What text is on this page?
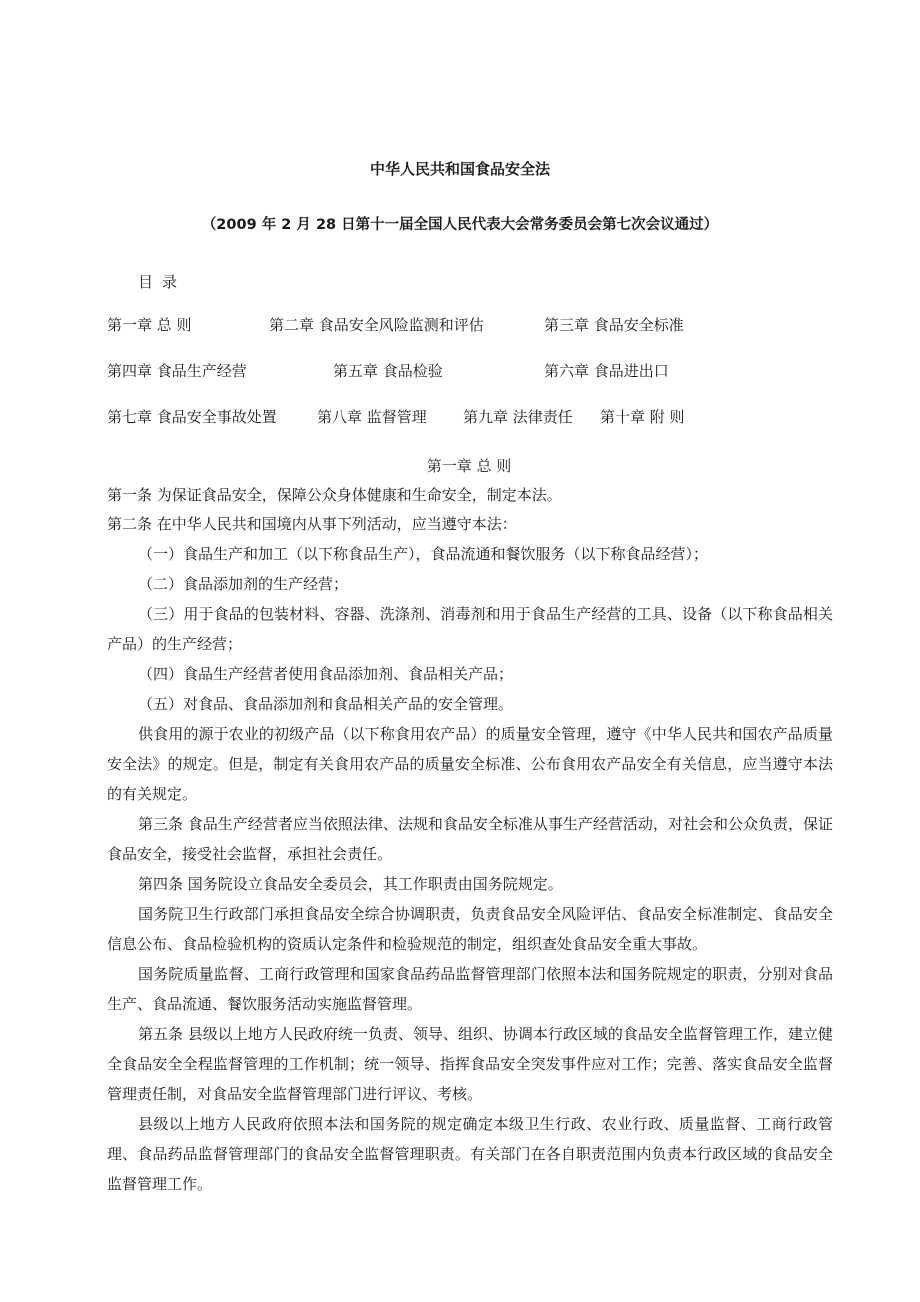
中华人民共和国食品安全法
（2009 年 2 月 28 日第十一届全国人民代表大会常务委员会第七次会议通过）
目录
第一章 总 则	第二章 食品安全风险监测和评估	第三章 食品安全标准
第四章 食品生产经营	第五章 食品检验	第六章 食品进出口
第七章 食品安全事故处置	第八章 监督管理 第九章 法律责任 第十章 附 则
第一章 总 则

第一条 为保证食品安全，保障公众身体健康和生命安全，制定本法。

第二条 在中华人民共和国境内从事下列活动，应当遵守本法：

（一）食品生产和加工（以下称食品生产），食品流通和餐饮服务（以下称食品经营）；

（二）食品添加剂的生产经营；

（三）用于食品的包装材料、容器、洗涤剂、消毒剂和用于食品生产经营的工具、设备（以下称食品相关产品）的生产经营；

（四）食品生产经营者使用食品添加剂、食品相关产品；

（五）对食品、食品添加剂和食品相关产品的安全管理。

供食用的源于农业的初级产品（以下称食用农产品）的质量安全管理，遵守《中华人民共和国农产品质量安全法》的规定。但是，制定有关食用农产品的质量安全标准、公布食用农产品安全有关信息，应当遵守本法的有关规定。

第三条 食品生产经营者应当依照法律、法规和食品安全标准从事生产经营活动，对社会和公众负责，保证食品安全，接受社会监督，承担社会责任。

第四条 国务院设立食品安全委员会，其工作职责由国务院规定。

国务院卫生行政部门承担食品安全综合协调职责，负责食品安全风险评估、食品安全标准制定、食品安全信息公布、食品检验机构的资质认定条件和检验规范的制定，组织查处食品安全重大事故。

国务院质量监督、工商行政管理和国家食品药品监督管理部门依照本法和国务院规定的职责，分别对食品生产、食品流通、餐饮服务活动实施监督管理。

第五条 县级以上地方人民政府统一负责、领导、组织、协调本行政区域的食品安全监督管理工作，建立健全食品安全全程监督管理的工作机制；统一领导、指挥食品安全突发事件应对工作；完善、落实食品安全监督管理责任制，对食品安全监督管理部门进行评议、考核。

县级以上地方人民政府依照本法和国务院的规定确定本级卫生行政、农业行政、质量监督、工商行政管理、食品药品监督管理部门的食品安全监督管理职责。有关部门在各自职责范围内负责本行政区域的食品安全监督管理工作。
